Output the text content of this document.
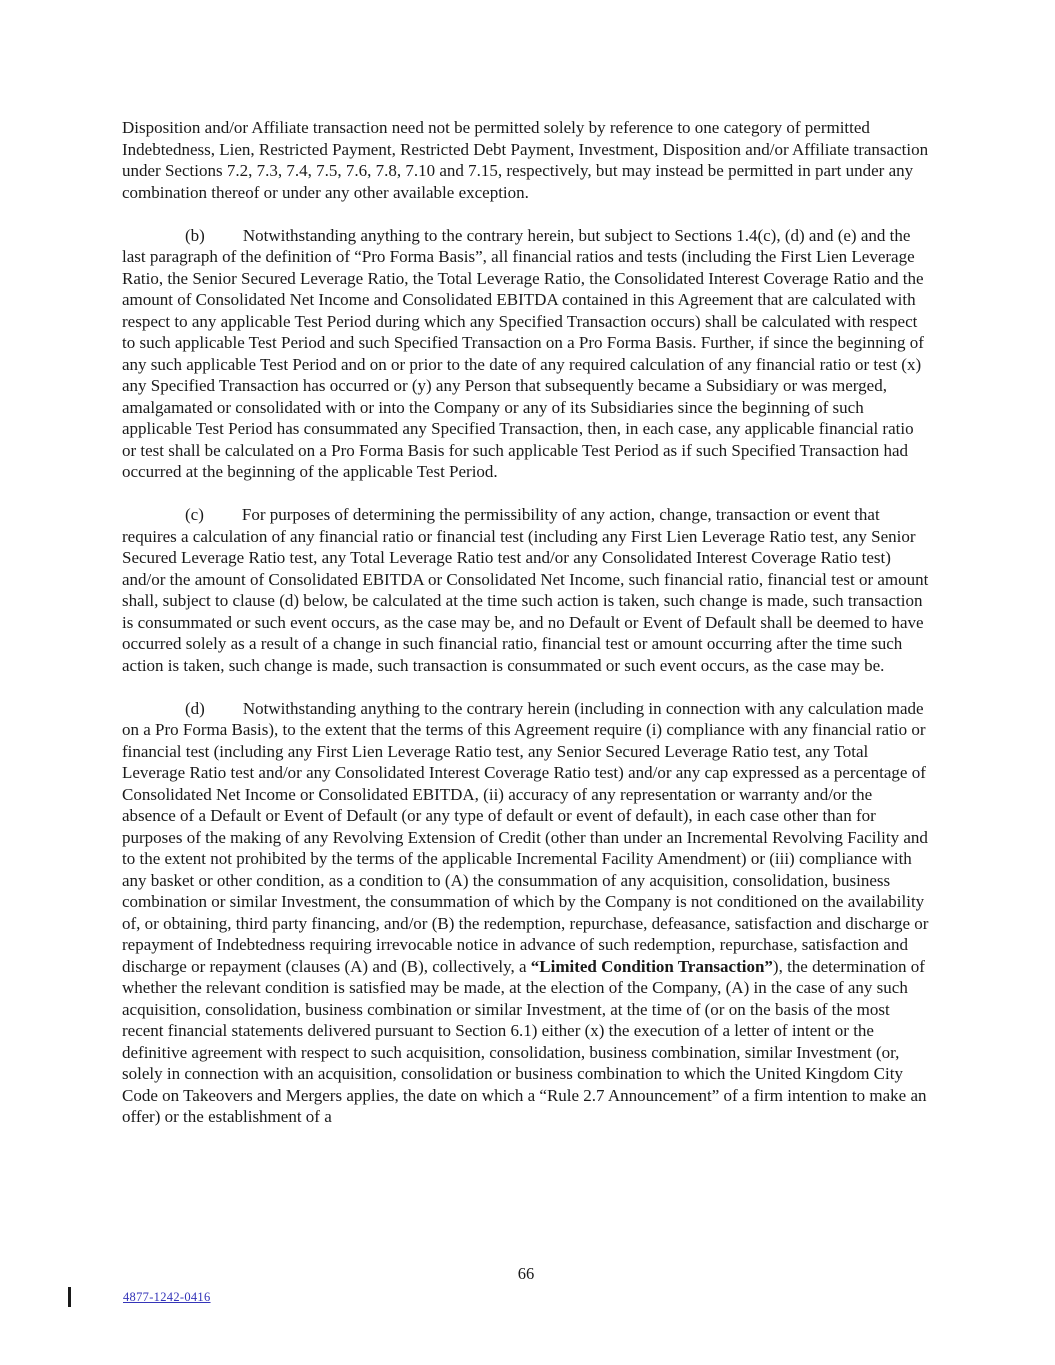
Disposition and/or Affiliate transaction need not be permitted solely by reference to one category of permitted Indebtedness, Lien, Restricted Payment, Restricted Debt Payment, Investment, Disposition and/or Affiliate transaction under Sections 7.2, 7.3, 7.4, 7.5, 7.6, 7.8, 7.10 and 7.15, respectively, but may instead be permitted in part under any combination thereof or under any other available exception.

(b) Notwithstanding anything to the contrary herein, but subject to Sections 1.4(c), (d) and (e) and the last paragraph of the definition of “Pro Forma Basis”, all financial ratios and tests (including the First Lien Leverage Ratio, the Senior Secured Leverage Ratio, the Total Leverage Ratio, the Consolidated Interest Coverage Ratio and the amount of Consolidated Net Income and Consolidated EBITDA contained in this Agreement that are calculated with respect to any applicable Test Period during which any Specified Transaction occurs) shall be calculated with respect to such applicable Test Period and such Specified Transaction on a Pro Forma Basis. Further, if since the beginning of any such applicable Test Period and on or prior to the date of any required calculation of any financial ratio or test (x) any Specified Transaction has occurred or (y) any Person that subsequently became a Subsidiary or was merged, amalgamated or consolidated with or into the Company or any of its Subsidiaries since the beginning of such applicable Test Period has consummated any Specified Transaction, then, in each case, any applicable financial ratio or test shall be calculated on a Pro Forma Basis for such applicable Test Period as if such Specified Transaction had occurred at the beginning of the applicable Test Period.

(c) For purposes of determining the permissibility of any action, change, transaction or event that requires a calculation of any financial ratio or financial test (including any First Lien Leverage Ratio test, any Senior Secured Leverage Ratio test, any Total Leverage Ratio test and/or any Consolidated Interest Coverage Ratio test) and/or the amount of Consolidated EBITDA or Consolidated Net Income, such financial ratio, financial test or amount shall, subject to clause (d) below, be calculated at the time such action is taken, such change is made, such transaction is consummated or such event occurs, as the case may be, and no Default or Event of Default shall be deemed to have occurred solely as a result of a change in such financial ratio, financial test or amount occurring after the time such action is taken, such change is made, such transaction is consummated or such event occurs, as the case may be.

(d) Notwithstanding anything to the contrary herein (including in connection with any calculation made on a Pro Forma Basis), to the extent that the terms of this Agreement require (i) compliance with any financial ratio or financial test (including any First Lien Leverage Ratio test, any Senior Secured Leverage Ratio test, any Total Leverage Ratio test and/or any Consolidated Interest Coverage Ratio test) and/or any cap expressed as a percentage of Consolidated Net Income or Consolidated EBITDA, (ii) accuracy of any representation or warranty and/or the absence of a Default or Event of Default (or any type of default or event of default), in each case other than for purposes of the making of any Revolving Extension of Credit (other than under an Incremental Revolving Facility and to the extent not prohibited by the terms of the applicable Incremental Facility Amendment) or (iii) compliance with any basket or other condition, as a condition to (A) the consummation of any acquisition, consolidation, business combination or similar Investment, the consummation of which by the Company is not conditioned on the availability of, or obtaining, third party financing, and/or (B) the redemption, repurchase, defeasance, satisfaction and discharge or repayment of Indebtedness requiring irrevocable notice in advance of such redemption, repurchase, satisfaction and discharge or repayment (clauses (A) and (B), collectively, a “Limited Condition Transaction”), the determination of whether the relevant condition is satisfied may be made, at the election of the Company, (A) in the case of any such acquisition, consolidation, business combination or similar Investment, at the time of (or on the basis of the most recent financial statements delivered pursuant to Section 6.1) either (x) the execution of a letter of intent or the definitive agreement with respect to such acquisition, consolidation, business combination, similar Investment (or, solely in connection with an acquisition, consolidation or business combination to which the United Kingdom City Code on Takeovers and Mergers applies, the date on which a “Rule 2.7 Announcement” of a firm intention to make an offer) or the establishment of a

66
4877-1242-0416
